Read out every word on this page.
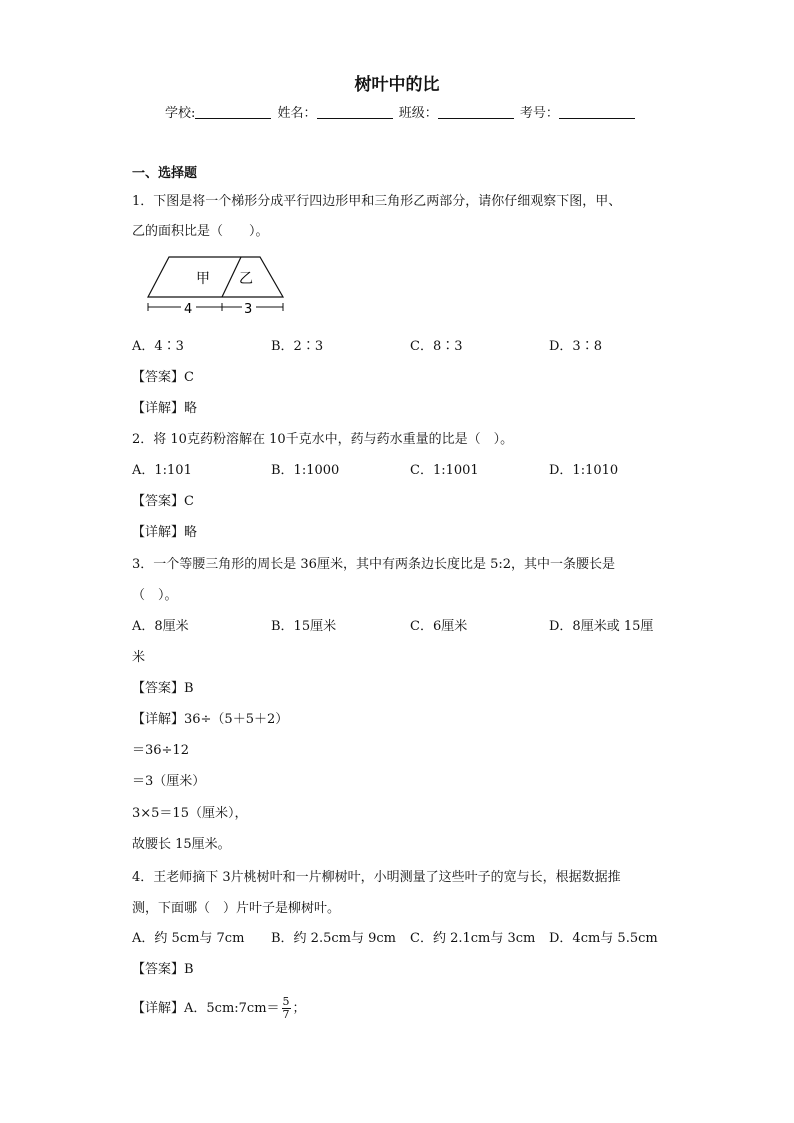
树叶中的比
学校:	姓名：	班级：	考号：
一、选择题
1．下图是将一个梯形分成平行四边形甲和三角形乙两部分，请你仔细观察下图，甲、
乙的面积比是（　　）。
甲 乙
4	3
A．4∶3	B．2∶3	C．8∶3	D．3∶8
【答案】C
【详解】略
2．将 10克药粉溶解在 10千克水中，药与药水重量的比是（　）。
A．1:101	B．1:1000	C．1:1001	D．1:1010
【答案】C
【详解】略
3．一个等腰三角形的周长是 36厘米，其中有两条边长度比是 5:2，其中一条腰长是
（　）。
A．8厘米	B．15厘米	C．6厘米	D．8厘米或 15厘
米
【答案】B
【详解】36÷（5＋5＋2）
＝36÷12
＝3（厘米）
3×5＝15（厘米），
故腰长 15厘米。
4．王老师摘下 3片桃树叶和一片柳树叶，小明测量了这些叶子的宽与长，根据数据推
测，下面哪（　）片叶子是柳树叶。
A．约 5cm与 7cm B．约 2.5cm与 9cm C．约 2.1cm与 3cm D．4cm与 5.5cm
【答案】B
【详解】A．5cm:7cm＝ $\frac{5}{7}$ ；
